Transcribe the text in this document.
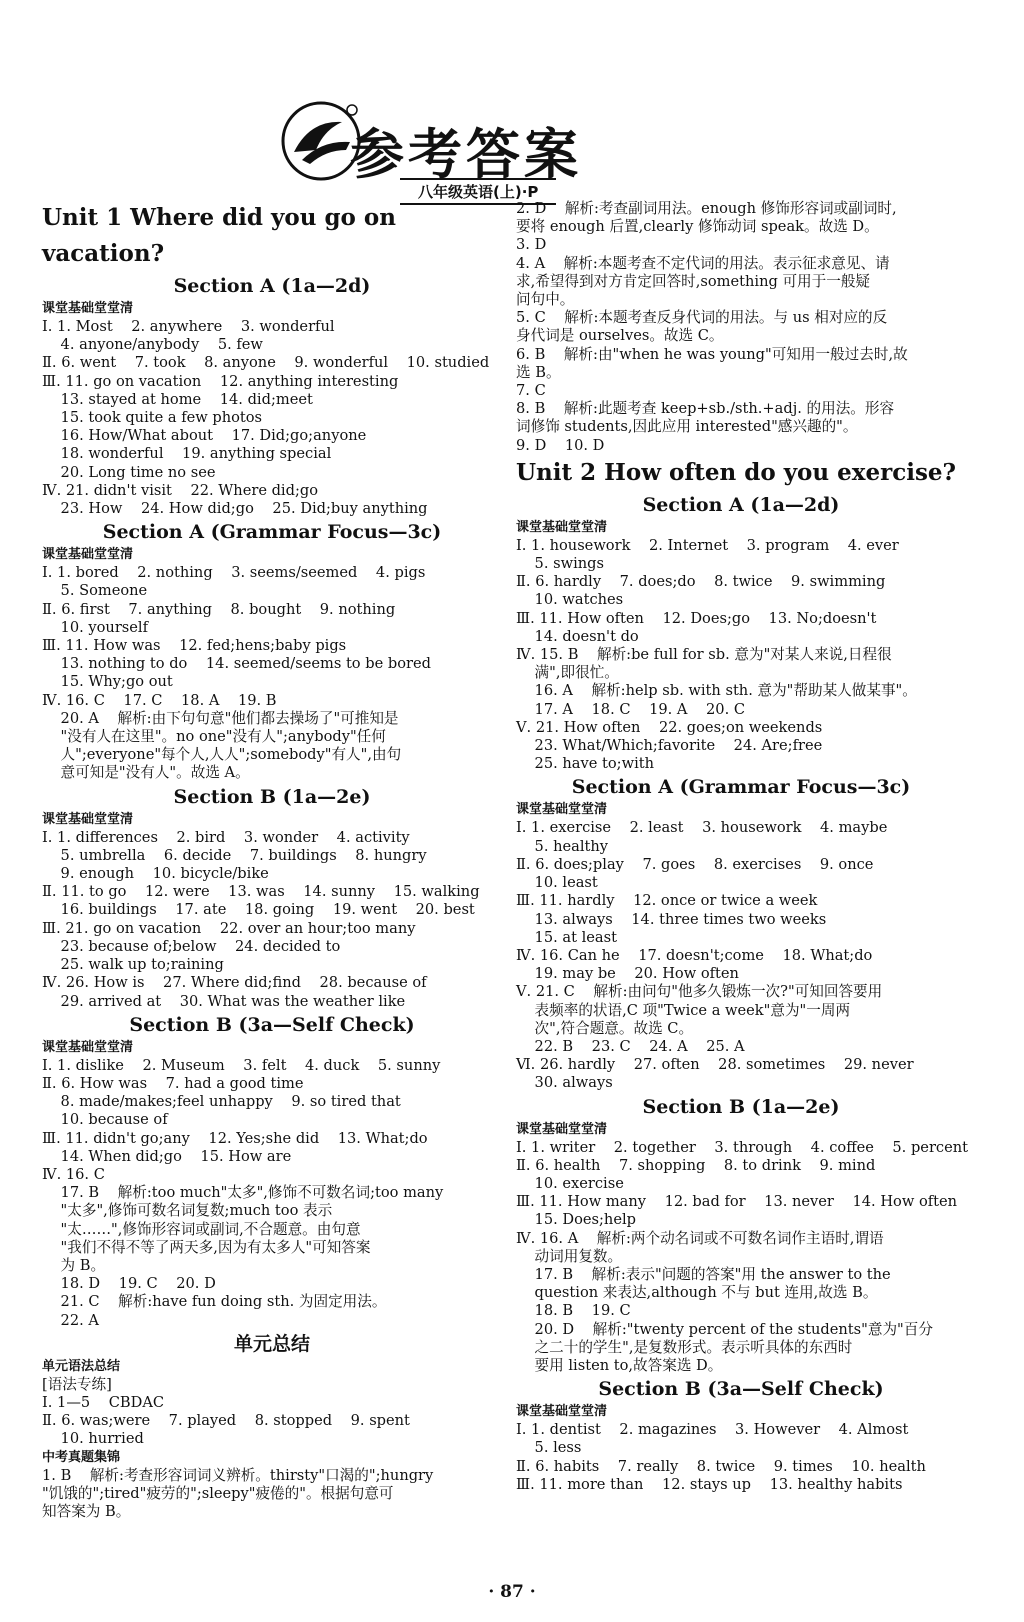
参考答案
八年级英语(上)·P
Unit 1 Where did you go on vacation?
Section A (1a—2d)
课堂基础堂堂清
Ⅰ. 1. Most    2. anywhere    3. wonderful
4. anyone/anybody    5. few
Ⅱ. 6. went    7. took    8. anyone    9. wonderful    10. studied
Ⅲ. 11. go on vacation    12. anything interesting
13. stayed at home    14. did;meet
15. took quite a few photos
16. How/What about    17. Did;go;anyone
18. wonderful    19. anything special
20. Long time no see
Ⅳ. 21. didn't visit    22. Where did;go
23. How    24. How did;go    25. Did;buy anything
Section A (Grammar Focus—3c)
课堂基础堂堂清
Ⅰ. 1. bored    2. nothing    3. seems/seemed    4. pigs
5. Someone
Ⅱ. 6. first    7. anything    8. bought    9. nothing
10. yourself
Ⅲ. 11. How was    12. fed;hens;baby pigs
13. nothing to do    14. seemed/seems to be bored
15. Why;go out
Ⅳ. 16. C    17. C    18. A    19. B
20. A    解析:由下句句意"他们都去操场了"可推知是
"没有人在这里"。no one"没有人";anybody"任何
人";everyone"每个人,人人";somebody"有人",由句
意可知是"没有人"。故选 A。
Section B (1a—2e)
课堂基础堂堂清
Ⅰ. 1. differences    2. bird    3. wonder    4. activity
5. umbrella    6. decide    7. buildings    8. hungry
9. enough    10. bicycle/bike
Ⅱ. 11. to go    12. were    13. was    14. sunny    15. walking
16. buildings    17. ate    18. going    19. went    20. best
Ⅲ. 21. go on vacation    22. over an hour;too many
23. because of;below    24. decided to
25. walk up to;raining
Ⅳ. 26. How is    27. Where did;find    28. because of
29. arrived at    30. What was the weather like
Section B (3a—Self Check)
课堂基础堂堂清
Ⅰ. 1. dislike    2. Museum    3. felt    4. duck    5. sunny
Ⅱ. 6. How was    7. had a good time
8. made/makes;feel unhappy    9. so tired that
10. because of
Ⅲ. 11. didn't go;any    12. Yes;she did    13. What;do
14. When did;go    15. How are
Ⅳ. 16. C
17. B    解析:too much"太多",修饰不可数名词;too many
"太多",修饰可数名词复数;much too 表示
"太……",修饰形容词或副词,不合题意。由句意
"我们不得不等了两天多,因为有太多人"可知答案
为 B。
18. D    19. C    20. D
21. C    解析:have fun doing sth. 为固定用法。
22. A
单元总结
单元语法总结
[语法专练]
Ⅰ. 1—5    CBDAC
Ⅱ. 6. was;were    7. played    8. stopped    9. spent
10. hurried
中考真题集锦
1. B    解析:考查形容词词义辨析。thirsty"口渴的";hungry
"饥饿的";tired"疲劳的";sleepy"疲倦的"。根据句意可
知答案为 B。
2. D    解析:考查副词用法。enough 修饰形容词或副词时,
要将 enough 后置,clearly 修饰动词 speak。故选 D。
3. D
4. A    解析:本题考查不定代词的用法。表示征求意见、请
求,希望得到对方肯定回答时,something 可用于一般疑
问句中。
5. C    解析:本题考查反身代词的用法。与 us 相对应的反
身代词是 ourselves。故选 C。
6. B    解析:由"when he was young"可知用一般过去时,故
选 B。
7. C
8. B    解析:此题考查 keep+sb./sth.+adj. 的用法。形容
词修饰 students,因此应用 interested"感兴趣的"。
9. D    10. D
Unit 2 How often do you exercise?
Section A (1a—2d)
课堂基础堂堂清
Ⅰ. 1. housework    2. Internet    3. program    4. ever
5. swings
Ⅱ. 6. hardly    7. does;do    8. twice    9. swimming
10. watches
Ⅲ. 11. How often    12. Does;go    13. No;doesn't
14. doesn't do
Ⅳ. 15. B    解析:be full for sb. 意为"对某人来说,日程很
满",即很忙。
16. A    解析:help sb. with sth. 意为"帮助某人做某事"。
17. A    18. C    19. A    20. C
Ⅴ. 21. How often    22. goes;on weekends
23. What/Which;favorite    24. Are;free
25. have to;with
Section A (Grammar Focus—3c)
课堂基础堂堂清
Ⅰ. 1. exercise    2. least    3. housework    4. maybe
5. healthy
Ⅱ. 6. does;play    7. goes    8. exercises    9. once
10. least
Ⅲ. 11. hardly    12. once or twice a week
13. always    14. three times two weeks
15. at least
Ⅳ. 16. Can he    17. doesn't;come    18. What;do
19. may be    20. How often
Ⅴ. 21. C    解析:由问句"他多久锻炼一次?"可知回答要用
表频率的状语,C 项"Twice a week"意为"一周两
次",符合题意。故选 C。
22. B    23. C    24. A    25. A
Ⅵ. 26. hardly    27. often    28. sometimes    29. never
30. always
Section B (1a—2e)
课堂基础堂堂清
Ⅰ. 1. writer    2. together    3. through    4. coffee    5. percent
Ⅱ. 6. health    7. shopping    8. to drink    9. mind
10. exercise
Ⅲ. 11. How many    12. bad for    13. never    14. How often
15. Does;help
Ⅳ. 16. A    解析:两个动名词或不可数名词作主语时,谓语
动词用复数。
17. B    解析:表示"问题的答案"用 the answer to the
question 来表达,although 不与 but 连用,故选 B。
18. B    19. C
20. D    解析:"twenty percent of the students"意为"百分
之二十的学生",是复数形式。表示听具体的东西时
要用 listen to,故答案选 D。
Section B (3a—Self Check)
课堂基础堂堂清
Ⅰ. 1. dentist    2. magazines    3. However    4. Almost
5. less
Ⅱ. 6. habits    7. really    8. twice    9. times    10. health
Ⅲ. 11. more than    12. stays up    13. healthy habits
· 87 ·
